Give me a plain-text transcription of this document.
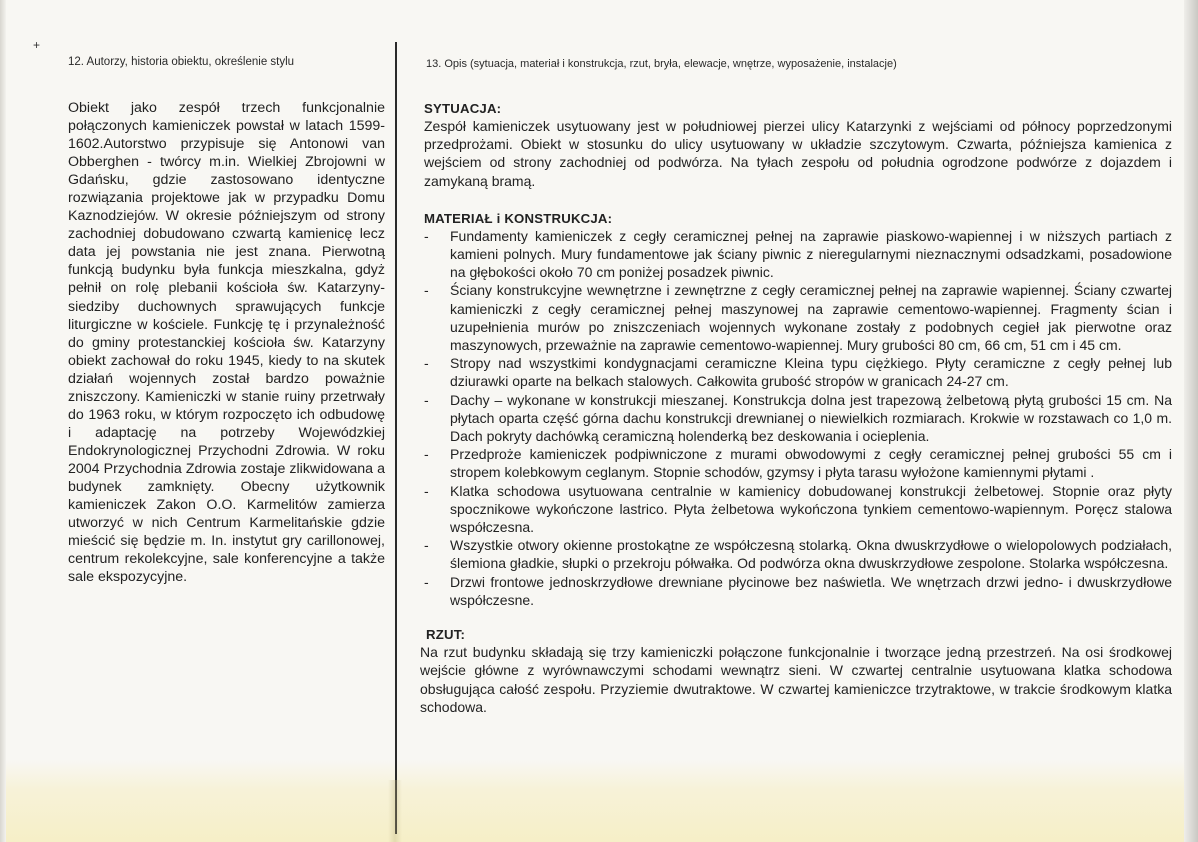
+
12. Autorzy, historia obiektu, określenie stylu	13. Opis (sytuacja, materiał i konstrukcja, rzut, bryła, elewacje, wnętrze, wyposażenie, instalacje)
Obiekt jako zespół trzech funkcjonalnie połączonych kamieniczek powstał w latach 1599-1602.Autorstwo przypisuje się Antonowi van Obberghen - twórcy m.in. Wielkiej Zbrojowni w Gdańsku, gdzie zastosowano identyczne rozwiązania projektowe jak w przypadku Domu Kaznodziejów. W okresie późniejszym od strony zachodniej dobudowano czwartą kamienicę lecz data jej powstania nie jest znana. Pierwotną funkcją budynku była funkcja mieszkalna, gdyż pełnił on rolę plebanii kościoła św. Katarzyny-siedziby duchownych sprawujących funkcje liturgiczne w kościele. Funkcję tę i przynależność do gminy protestanckiej kościoła św. Katarzyny obiekt zachował do roku 1945, kiedy to na skutek działań wojennych został bardzo poważnie zniszczony. Kamieniczki w stanie ruiny przetrwały do 1963 roku, w którym rozpoczęto ich odbudowę i adaptację na potrzeby Wojewódzkiej Endokrynologicznej Przychodni Zdrowia. W roku 2004 Przychodnia Zdrowia zostaje zlikwidowana a budynek zamknięty. Obecny użytkownik kamieniczek Zakon O.O. Karmelitów zamierza utworzyć w nich Centrum Karmelitańskie gdzie mieścić się będzie m. In. instytut gry carillonowej, centrum rekolekcyjne, sale konferencyjne a także sale ekspozycyjne.
SYTUACJA:
Zespół kamieniczek usytuowany jest w południowej pierzei ulicy Katarzynki z wejściami od północy poprzedzonymi przedprożami. Obiekt w stosunku do ulicy usytuowany w układzie szczytowym. Czwarta, późniejsza kamienica z wejściem od strony zachodniej od podwórza. Na tyłach zespołu od południa ogrodzone podwórze z dojazdem i zamykaną bramą.
MATERIAŁ i KONSTRUKCJA:
- Fundamenty kamieniczek z cegły ceramicznej pełnej na zaprawie piaskowo-wapiennej i w niższych partiach z kamieni polnych. Mury fundamentowe jak ściany piwnic z nieregularnymi nieznacznymi odsadzkami, posadowione na głębokości około 70 cm poniżej posadzek piwnic.
- Ściany konstrukcyjne wewnętrzne i zewnętrzne z cegły ceramicznej pełnej na zaprawie wapiennej. Ściany czwartej kamieniczki z cegły ceramicznej pełnej maszynowej na zaprawie cementowo-wapiennej. Fragmenty ścian i uzupełnienia murów po zniszczeniach wojennych wykonane zostały z podobnych cegieł jak pierwotne oraz maszynowych, przeważnie na zaprawie cementowo-wapiennej. Mury grubości 80 cm, 66 cm, 51 cm i 45 cm.
- Stropy nad wszystkimi kondygnacjami ceramiczne Kleina typu ciężkiego. Płyty ceramiczne z cegły pełnej lub dziurawki oparte na belkach stalowych. Całkowita grubość stropów w granicach 24-27 cm.
- Dachy – wykonane w konstrukcji mieszanej. Konstrukcja dolna jest trapezową żelbetową płytą grubości 15 cm. Na płytach oparta część górna dachu konstrukcji drewnianej o niewielkich rozmiarach. Krokwie w rozstawach co 1,0 m. Dach pokryty dachówką ceramiczną holenderką bez deskowania i ocieplenia.
- Przedproże kamieniczek podpiwniczone z murami obwodowymi z cegły ceramicznej pełnej grubości 55 cm i stropem kolebkowym ceglanym. Stopnie schodów, gzymsy i płyta tarasu wyłożone kamiennymi płytami .
- Klatka schodowa usytuowana centralnie w kamienicy dobudowanej konstrukcji żelbetowej. Stopnie oraz płyty spocznikowe wykończone lastrico. Płyta żelbetowa wykończona tynkiem cementowo-wapiennym. Poręcz stalowa współczesna.
- Wszystkie otwory okienne prostokątne ze współczesną stolarką. Okna dwuskrzydłowe o wielopolowych podziałach, ślemiona gładkie, słupki o przekroju półwałka. Od podwórza okna dwuskrzydłowe zespolone. Stolarka współczesna.
- Drzwi frontowe jednoskrzydłowe drewniane płycinowe bez naświetla. We wnętrzach drzwi jedno- i dwuskrzydłowe współczesne.
RZUT:
Na rzut budynku składają się trzy kamieniczki połączone funkcjonalnie i tworzące jedną przestrzeń. Na osi środkowej wejście główne z wyrównawczymi schodami wewnątrz sieni. W czwartej centralnie usytuowana klatka schodowa obsługująca całość zespołu. Przyziemie dwutraktowe. W czwartej kamieniczce trzytraktowe, w trakcie środkowym klatka schodowa.
